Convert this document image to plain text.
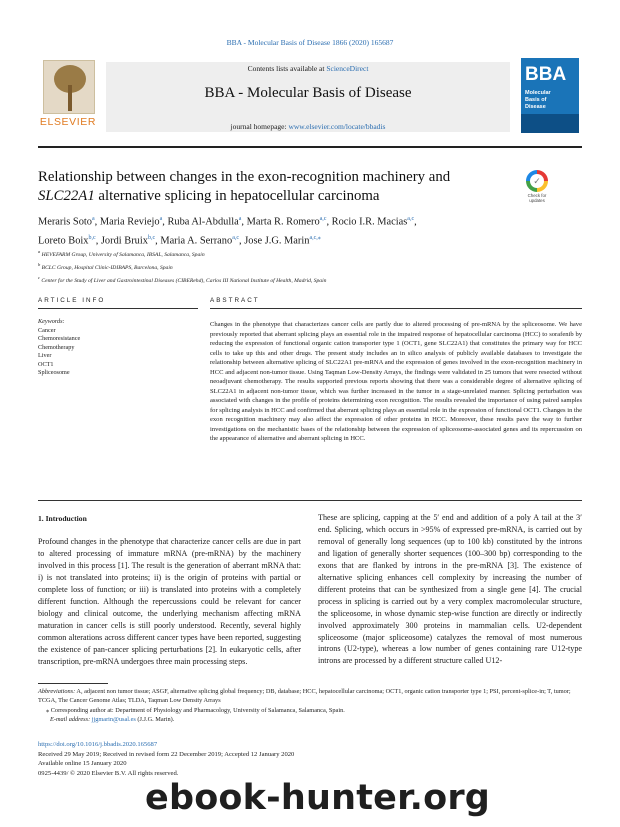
BBA - Molecular Basis of Disease 1866 (2020) 165687
ELSEVIER
Contents lists available at ScienceDirect
BBA - Molecular Basis of Disease
journal homepage: www.elsevier.com/locate/bbadis
BBA
Molecular
Basis of
Disease
Relationship between changes in the exon-recognition machinery and
SLC22A1 alternative splicing in hepatocellular carcinoma
✓
Check for updates
Meraris Soto$^a$, Maria Reviejo$^a$, Ruba Al-Abdulla$^a$, Marta R. Romero$^{a,c}$, Rocio I.R. Macias$^{a,c}$,
Loreto Boix$^{b,c}$, Jordi Bruix$^{b,c}$, Maria A. Serrano$^{a,c}$, Jose J.G. Marin$^{a,c,⁎}$
$^a$ HEVEFARM Group, University of Salamanca, IBSAL, Salamanca, Spain
$^b$ BCLC Group, Hospital Clinic-IDIBAPS, Barcelona, Spain
$^c$ Center for the Study of Liver and Gastrointestinal Diseases (CIBERehd), Carlos III National Institute of Health, Madrid, Spain
ARTICLE INFO
Keywords:
Cancer
Chemoresistance
Chemotherapy
Liver
OCT1
Spliceosome
ABSTRACT
Changes in the phenotype that characterizes cancer cells are partly due to altered processing of pre-mRNA by the spliceosome. We have previously reported that aberrant splicing plays an essential role in the impaired response of hepatocellular carcinoma (HCC) to sorafenib by reducing the expression of functional organic cation transporter type 1 (OCT1, gene SLC22A1) that constitutes the primary way for HCC cells to take up this and other drugs. The present study includes an in silico analysis of publicly available databases to investigate the relationship between alternative splicing of SLC22A1 pre-mRNA and the expression of genes involved in the exon-recognition machinery in HCC and adjacent non-tumor tissue. Using Taqman Low-Density Arrays, the findings were validated in 25 tumors that were resected without neoadjuvant chemotherapy. The results supported previous reports showing that there was a considerable degree of alternative splicing of SLC22A1 in adjacent non-tumor tissue, which was further increased in the tumor in a stage-unrelated manner. Splicing perturbation was associated with changes in the profile of proteins determining exon recognition. The results revealed the importance of using paired samples for splicing analysis in HCC and confirmed that aberrant splicing plays an essential role in the expression of functional OCT1. Changes in the exon recognition machinery may also affect the expression of other proteins in HCC. Moreover, these results pave the way to further investigations on the mechanistic bases of the relationship between the expression of spliceosome-associated genes and its repercussion on the appearance of alternative and aberrant splicing in HCC.
1. Introduction
Profound changes in the phenotype that characterize cancer cells are due in part to altered processing of immature mRNA (pre-mRNA) by the machinery involved in this process [1]. The result is the generation of aberrant mRNA that: i) is not translated into proteins; ii) is the origin of proteins with partial or complete loss of function; or iii) is translated into proteins with a completely different function. Although the repercussions could be relevant for cancer biology and clinical outcome, the underlying mechanism affecting mRNA maturation in cancer cells is still poorly understood. Recently, several highly common alterations across different cancer types have been reported, suggesting the existence of pan-cancer splicing perturbations [2]. In eukaryotic cells, after transcription, pre-mRNA undergoes three main processing steps.
These are splicing, capping at the 5′ end and addition of a poly A tail at the 3′ end. Splicing, which occurs in >95% of expressed pre-mRNA, is carried out by removal of generally long sequences (up to 100 kb) constituted by the introns and ligation of generally shorter sequences (100–300 bp) corresponding to the exons that are flanked by introns in the pre-mRNA [3]. The existence of alternative splicing enhances cell complexity by increasing the number of different proteins that can be synthesized from a single gene [4]. The crucial process in splicing is carried out by a very complex macromolecular structure, the spliceosome, in whose dynamic step-wise function are directly or indirectly involved approximately 300 proteins in mammalian cells. U2-dependent spliceosome (major spliceosome) catalyzes the removal of most numerous introns (U2-type), whereas a low number of genes containing rare U12-type introns are processed by a different structure called U12-
Abbreviations: A, adjacent non tumor tissue; ASGF, alternative splicing global frequency; DB, database; HCC, hepatocellular carcinoma; OCT1, organic cation transporter type 1; PSI, percent-splice-in; T, tumor; TCGA, The Cancer Genome Atlas; TLDA, Taqman Low Density Arrays
⁎ Corresponding author at: Department of Physiology and Pharmacology, University of Salamanca, Salamanca, Spain.
E-mail address: jjgmarin@usal.es (J.J.G. Marin).
https://doi.org/10.1016/j.bbadis.2020.165687
Received 29 May 2019; Received in revised form 22 December 2019; Accepted 12 January 2020
Available online 15 January 2020
0925-4439/ © 2020 Elsevier B.V. All rights reserved.
ebook-hunter.org
